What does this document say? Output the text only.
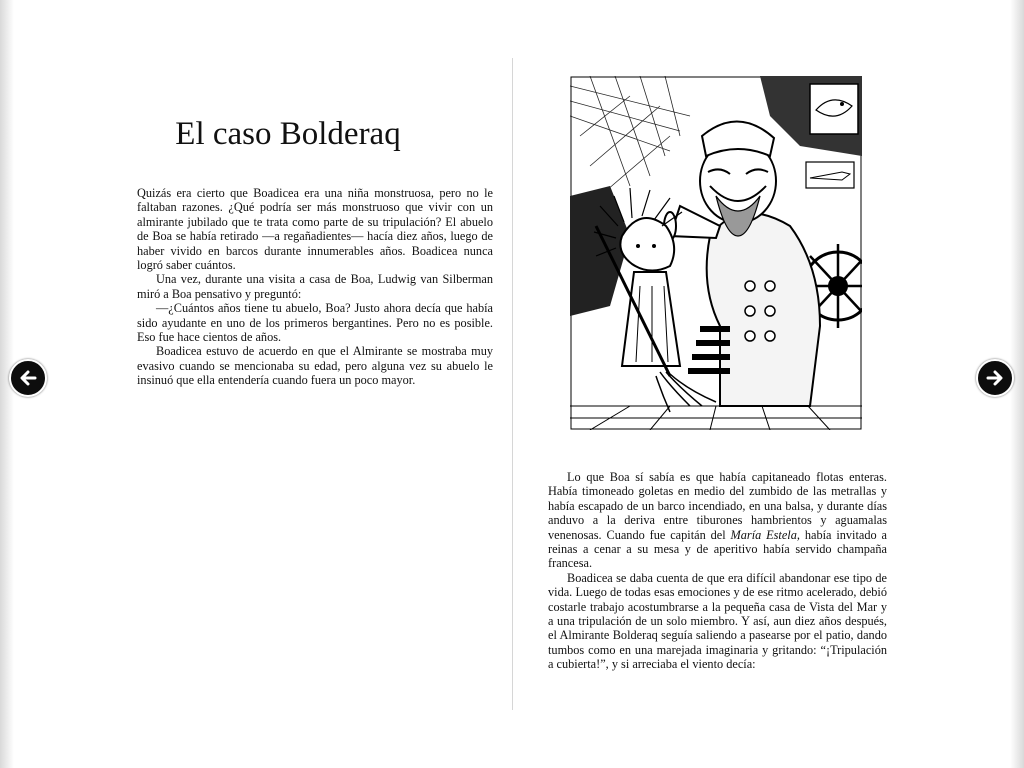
El caso Bolderaq

Quizás era cierto que Boadicea era una niña monstruosa, pero no le faltaban razones. ¿Qué podría ser más monstruoso que vivir con un almirante jubilado que te trata como parte de su tripulación? El abuelo de Boa se había retirado —a regañadientes— hacía diez años, luego de haber vivido en barcos durante innumerables años. Boadicea nunca logró saber cuántos.

Una vez, durante una visita a casa de Boa, Ludwig van Silberman miró a Boa pensativo y preguntó:

—¿Cuántos años tiene tu abuelo, Boa? Justo ahora decía que había sido ayudante en uno de los primeros bergantines. Pero no es posible. Eso fue hace cientos de años.

Boadicea estuvo de acuerdo en que el Almirante se mostraba muy evasivo cuando se mencionaba su edad, pero alguna vez su abuelo le insinuó que ella entendería cuando fuera un poco mayor.

Lo que Boa sí sabía es que había capitaneado flotas enteras. Había timoneado goletas en medio del zumbido de las metrallas y había escapado de un barco incendiado, en una balsa, y durante días anduvo a la deriva entre tiburones hambrientos y aguamalas venenosas. Cuando fue capitán del María Estela, había invitado a reinas a cenar a su mesa y de aperitivo había servido champaña francesa.

Boadicea se daba cuenta de que era difícil abandonar ese tipo de vida. Luego de todas esas emociones y de ese ritmo acelerado, debió costarle trabajo acostumbrarse a la pequeña casa de Vista del Mar y a una tripulación de un solo miembro. Y así, aun diez años después, el Almirante Bolderaq seguía saliendo a pasearse por el patio, dando tumbos como en una marejada imaginaria y gritando: “¡Tripulación a cubierta!”, y si arreciaba el viento decía:
